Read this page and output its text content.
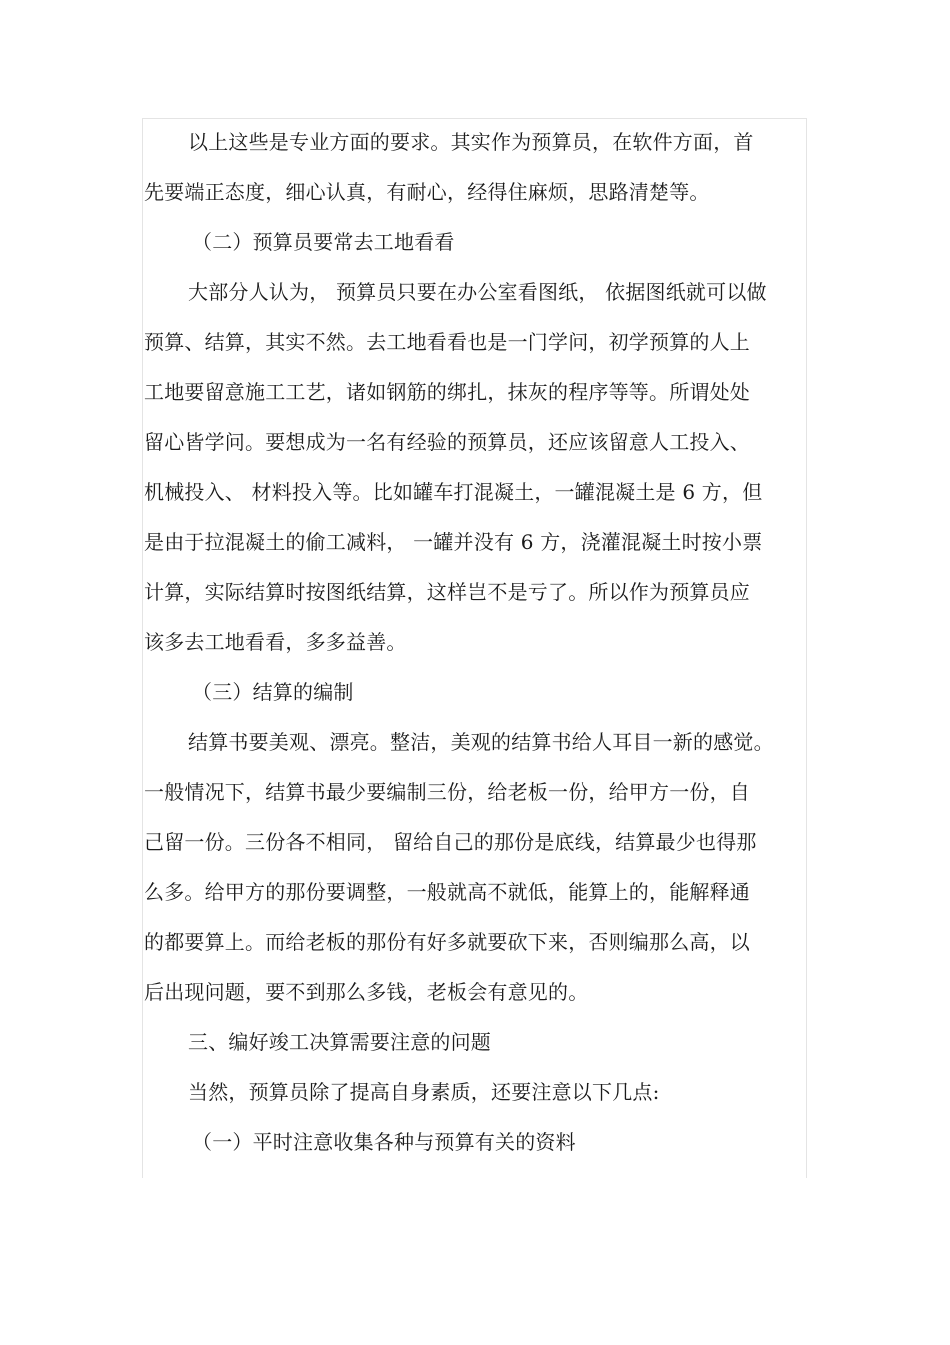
以上这些是专业方面的要求。其实作为预算员，在软件方面，首
先要端正态度，细心认真，有耐心，经得住麻烦，思路清楚等。
（二）预算员要常去工地看看
大部分人认为， 预算员只要在办公室看图纸， 依据图纸就可以做
预算、结算，其实不然。去工地看看也是一门学问，初学预算的人上
工地要留意施工工艺，诸如钢筋的绑扎，抹灰的程序等等。所谓处处
留心皆学问。要想成为一名有经验的预算员，还应该留意人工投入、
机械投入、 材料投入等。比如罐车打混凝土，一罐混凝土是 6 方，但
是由于拉混凝土的偷工减料， 一罐并没有 6 方，浇灌混凝土时按小票
计算，实际结算时按图纸结算，这样岂不是亏了。所以作为预算员应
该多去工地看看，多多益善。
（三）结算的编制
结算书要美观、漂亮。整洁，美观的结算书给人耳目一新的感觉。
一般情况下，结算书最少要编制三份，给老板一份，给甲方一份，自
己留一份。三份各不相同， 留给自己的那份是底线，结算最少也得那
么多。给甲方的那份要调整，一般就高不就低，能算上的，能解释通
的都要算上。而给老板的那份有好多就要砍下来，否则编那么高，以
后出现问题，要不到那么多钱，老板会有意见的。
三、编好竣工决算需要注意的问题
当然，预算员除了提高自身素质，还要注意以下几点:
（一）平时注意收集各种与预算有关的资料
